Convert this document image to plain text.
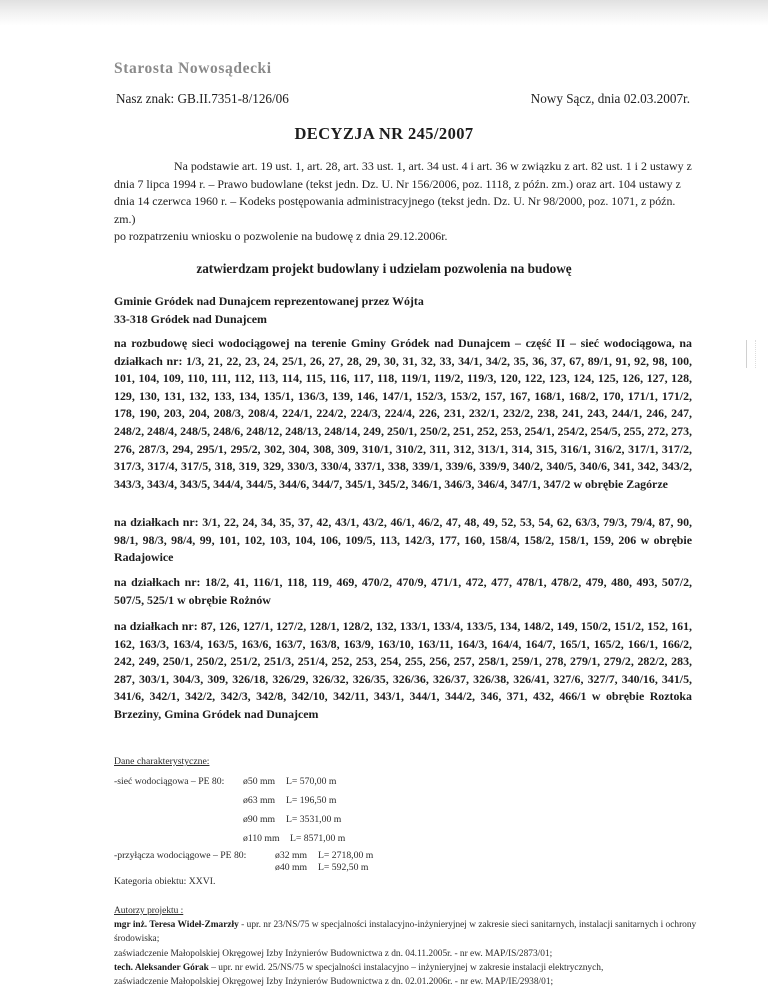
Starosta Nowosądecki
Nasz znak: GB.II.7351-8/126/06	Nowy Sącz, dnia 02.03.2007r.
DECYZJA NR 245/2007
Na podstawie art. 19 ust. 1, art. 28, art. 33 ust. 1, art. 34 ust. 4 i art. 36 w związku z art. 82 ust. 1 i 2 ustawy z dnia 7 lipca 1994 r. – Prawo budowlane (tekst jedn. Dz. U. Nr 156/2006, poz. 1118, z późn. zm.) oraz art. 104 ustawy z dnia 14 czerwca 1960 r. – Kodeks postępowania administracyjnego (tekst jedn. Dz. U. Nr 98/2000, poz. 1071, z późn. zm.)
po rozpatrzeniu wniosku o pozwolenie na budowę z dnia 29.12.2006r.
zatwierdzam projekt budowlany i udzielam pozwolenia na budowę
Gminie Gródek nad Dunajcem reprezentowanej przez Wójta
33-318 Gródek nad Dunajcem
na rozbudowę sieci wodociągowej na terenie Gminy Gródek nad Dunajcem – część II – sieć wodociągowa, na działkach nr: 1/3, 21, 22, 23, 24, 25/1, 26, 27, 28, 29, 30, 31, 32, 33, 34/1, 34/2, 35, 36, 37, 67, 89/1, 91, 92, 98, 100, 101, 104, 109, 110, 111, 112, 113, 114, 115, 116, 117, 118, 119/1, 119/2, 119/3, 120, 122, 123, 124, 125, 126, 127, 128, 129, 130, 131, 132, 133, 134, 135/1, 136/3, 139, 146, 147/1, 152/3, 153/2, 157, 167, 168/1, 168/2, 170, 171/1, 171/2, 178, 190, 203, 204, 208/3, 208/4, 224/1, 224/2, 224/3, 224/4, 226, 231, 232/1, 232/2, 238, 241, 243, 244/1, 246, 247, 248/2, 248/4, 248/5, 248/6, 248/12, 248/13, 248/14, 249, 250/1, 250/2, 251, 252, 253, 254/1, 254/2, 254/5, 255, 272, 273, 276, 287/3, 294, 295/1, 295/2, 302, 304, 308, 309, 310/1, 310/2, 311, 312, 313/1, 314, 315, 316/1, 316/2, 317/1, 317/2, 317/3, 317/4, 317/5, 318, 319, 329, 330/3, 330/4, 337/1, 338, 339/1, 339/6, 339/9, 340/2, 340/5, 340/6, 341, 342, 343/2, 343/3, 343/4, 343/5, 344/4, 344/5, 344/6, 344/7, 345/1, 345/2, 346/1, 346/3, 346/4, 347/1, 347/2 w obrębie Zagórze
na działkach nr: 3/1, 22, 24, 34, 35, 37, 42, 43/1, 43/2, 46/1, 46/2, 47, 48, 49, 52, 53, 54, 62, 63/3, 79/3, 79/4, 87, 90, 98/1, 98/3, 98/4, 99, 101, 102, 103, 104, 106, 109/5, 113, 142/3, 177, 160, 158/4, 158/2, 158/1, 159, 206 w obrębie Radajowice
na działkach nr: 18/2, 41, 116/1, 118, 119, 469, 470/2, 470/9, 471/1, 472, 477, 478/1, 478/2, 479, 480, 493, 507/2, 507/5, 525/1 w obrębie Rożnów
na działkach nr: 87, 126, 127/1, 127/2, 128/1, 128/2, 132, 133/1, 133/4, 133/5, 134, 148/2, 149, 150/2, 151/2, 152, 161, 162, 163/3, 163/4, 163/5, 163/6, 163/7, 163/8, 163/9, 163/10, 163/11, 164/3, 164/4, 164/7, 165/1, 165/2, 166/1, 166/2, 242, 249, 250/1, 250/2, 251/2, 251/3, 251/4, 252, 253, 254, 255, 256, 257, 258/1, 259/1, 278, 279/1, 279/2, 282/2, 283, 287, 303/1, 304/3, 309, 326/18, 326/29, 326/32, 326/35, 326/36, 326/37, 326/38, 326/41, 327/6, 327/7, 340/16, 341/5, 341/6, 342/1, 342/2, 342/3, 342/8, 342/10, 342/11, 343/1, 344/1, 344/2, 346, 371, 432, 466/1 w obrębie Roztoka Brzeziny, Gmina Gródek nad Dunajcem
Dane charakterystyczne:
-sieć wodociągowa – PE 80: ø50 mm L= 570,00 m
ø63 mm L= 196,50 m
ø90 mm L= 3531,00 m
ø110 mm L= 8571,00 m
-przyłącza wodociągowe – PE 80:	ø32 mm L= 2718,00 m
ø40 mm L= 592,50 m
Kategoria obiektu: XXVI.
Autorzy projektu :
mgr inż. Teresa Wideł-Zmarzły - upr. nr 23/NS/75 w specjalności instalacyjno-inżynieryjnej w zakresie sieci sanitarnych, instalacji sanitarnych i ochrony środowiska;
zaświadczenie Małopolskiej Okręgowej Izby Inżynierów Budownictwa z dn. 04.11.2005r. - nr ew. MAP/IS/2873/01;
tech. Aleksander Górak – upr. nr ewid. 25/NS/75 w specjalności instalacyjno – inżynieryjnej w zakresie instalacji elektrycznych,
zaświadczenie Małopolskiej Okręgowej Izby Inżynierów Budownictwa z dn. 02.01.2006r. - nr ew. MAP/IE/2938/01;
